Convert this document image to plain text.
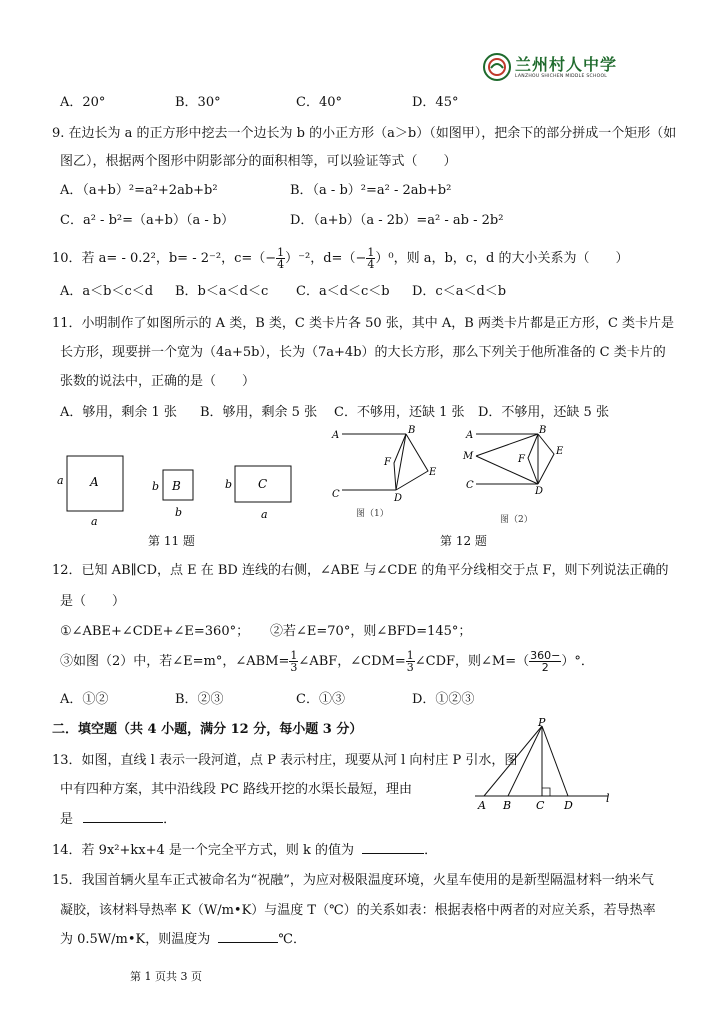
兰州村人中学
LANZHOU SHICHEN MIDDLE SCHOOL
A．20°	B．30°	C．40°	D．45°
9. 在边长为 a 的正方形中挖去一个边长为 b 的小正方形（a＞b）（如图甲），把余下的部分拼成一个矩形（如
图乙），根据两个图形中阴影部分的面积相等，可以验证等式（　　）
A．（a+b）²=a²+2ab+b²	B．（a - b）²=a² - 2ab+b²
C．a² - b²=（a+b）（a - b）	D．（a+b）（a - 2b）=a² - ab - 2b²
10．若 a= - 0.2²，b= - 2⁻²，$c=(- \frac{1}{4} )^{-2}$，$d=(- \frac{1}{4} )^0$，则 a，b，c，d 的大小关系为（　　）
A．a＜b＜c＜d B．b＜a＜d＜c C．a＜d＜c＜b D．c＜a＜d＜b
11．小明制作了如图所示的 A 类，B 类，C 类卡片各 50 张，其中 A，B 两类卡片都是正方形，C 类卡片是
长方形，现要拼一个宽为（4a+5b），长为（7a+4b）的大长方形，那么下列关于他所准备的 C 类卡片的
张数的说法中，正确的是（　　）
A．够用，剩余 1 张 B．够用，剩余 5 张 C．不够用，还缺 1 张 D．不够用，还缺 5 张
a A
a
b B
b
b C
a
第 11 题
A	B
C	D
E
F
图（1）
A	B
M	E
F
C
D
图（2）
第 12 题
12．已知 AB∥CD，点 E 在 BD 连线的右侧，∠ABE 与∠CDE 的角平分线相交于点 F，则下列说法正确的
是（　　）
①∠ABE+∠CDE+∠E=360°； ②若∠E=70°，则∠BFD=145°；
③如图（2）中，若∠E=m°，∠ABM= $\frac{1}{3}$ ∠ABF，∠CDM= $\frac{1}{3}$ ∠CDF，则∠M=（ $\frac{360-}{2}$ ）°．
A．①②	B．②③	C．①③	D．①②③
二．填空题（共 4 小题，满分 12 分，每小题 3 分）	P
A B C D
l
13．如图，直线 l 表示一段河道，点 P 表示村庄，现要从河 l 向村庄 P 引水，图
中有四种方案，其中沿线段 PC 路线开挖的水渠长最短，理由
是	．
14．若 9x²+kx+4 是一个完全平方式，则 k 的值为	．
15．我国首辆火星车正式被命名为“祝融”，为应对极限温度环境，火星车使用的是新型隔温材料一纳米气
凝胶，该材料导热率 K（W/m•K）与温度 T（℃）的关系如表：根据表格中两者的对应关系，若导热率
为 0.5W/m•K，则温度为	℃．
第 1 页共 3 页
